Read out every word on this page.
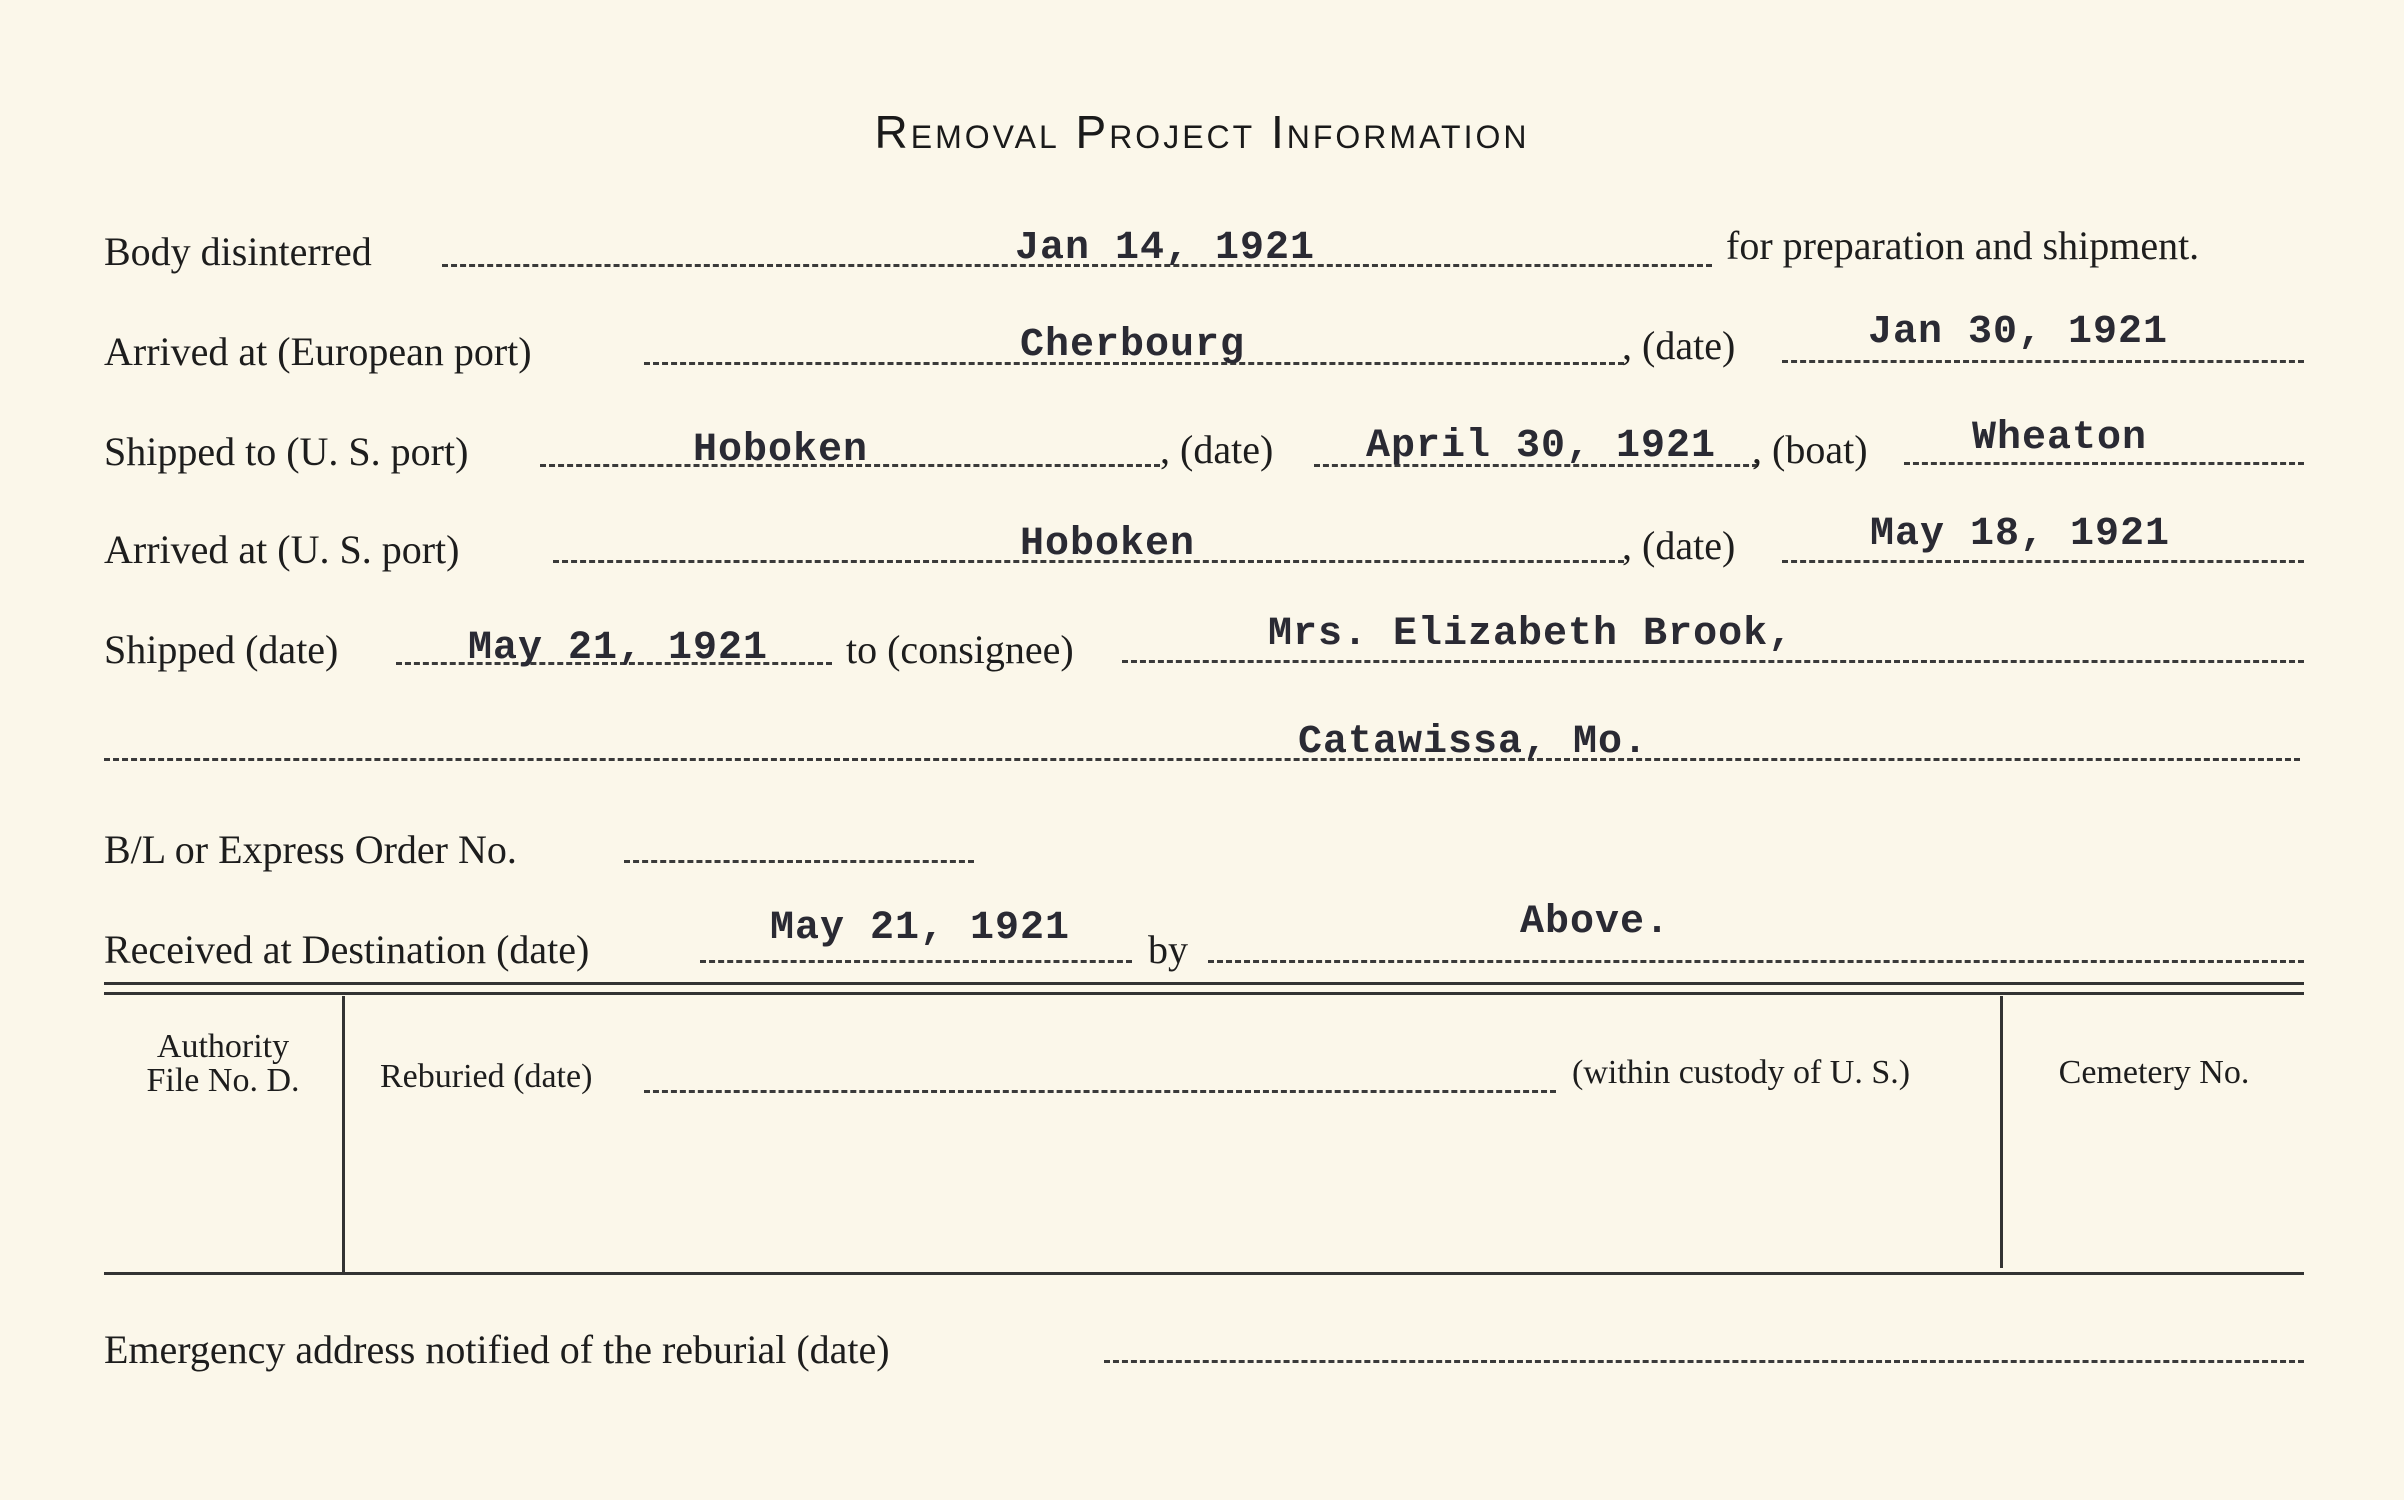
Removal Project Information
Body disinterred	Jan 14, 1921	for preparation and shipment.
Arrived at (European port)	Cherbourg	, (date)	Jan 30, 1921
Shipped to (U. S. port)	Hoboken	, (date) April 30, 1921 , (boat)	Wheaton
Arrived at (U. S. port)	Hoboken	, (date)	May 18, 1921
Shipped (date)	May 21, 1921 to (consignee)	Mrs. Elizabeth Brook,
Catawissa, Mo.
B/L or Express Order No.
Received at Destination (date)	May 21, 1921 by
Above.
Authority
File No. D.	Reburied (date)	(within custody of U. S.)	Cemetery No.
Emergency address notified of the reburial (date)
